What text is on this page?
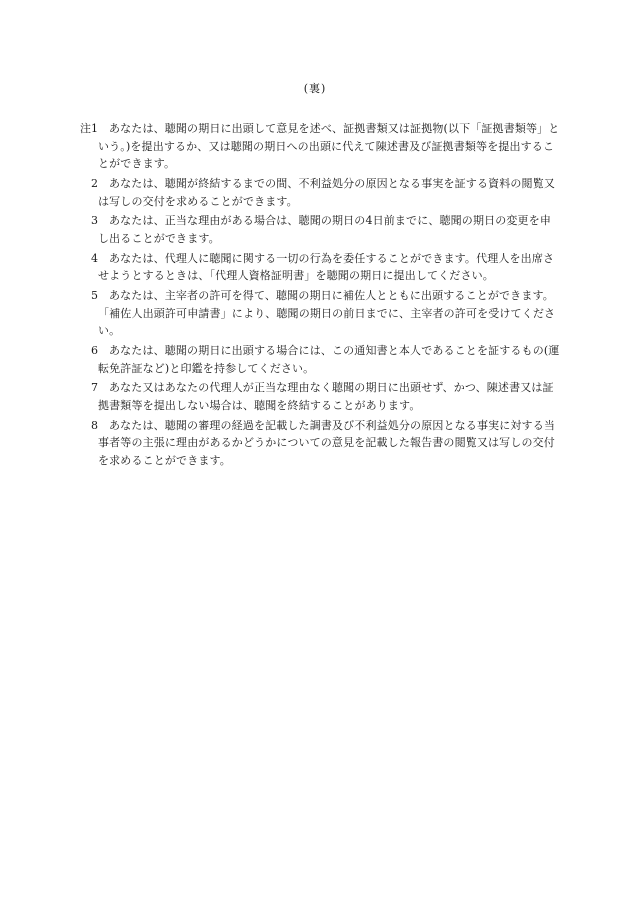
(裏)
注1	あなたは、聴聞の期日に出頭して意見を述べ、証拠書類又は証拠物(以下「証拠書類等」という。)を提出するか、又は聴聞の期日への出頭に代えて陳述書及び証拠書類等を提出することができます。
2	あなたは、聴聞が終結するまでの間、不利益処分の原因となる事実を証する資料の閲覧又は写しの交付を求めることができます。
3	あなたは、正当な理由がある場合は、聴聞の期日の4日前までに、聴聞の期日の変更を申し出ることができます。
4	あなたは、代理人に聴聞に関する一切の行為を委任することができます。代理人を出席させようとするときは、「代理人資格証明書」を聴聞の期日に提出してください。
5	あなたは、主宰者の許可を得て、聴聞の期日に補佐人とともに出頭することができます。「補佐人出頭許可申請書」により、聴聞の期日の前日までに、主宰者の許可を受けてください。
6	あなたは、聴聞の期日に出頭する場合には、この通知書と本人であることを証するもの(運転免許証など)と印鑑を持参してください。
7	あなた又はあなたの代理人が正当な理由なく聴聞の期日に出頭せず、かつ、陳述書又は証拠書類等を提出しない場合は、聴聞を終結することがあります。
8	あなたは、聴聞の審理の経過を記載した調書及び不利益処分の原因となる事実に対する当事者等の主張に理由があるかどうかについての意見を記載した報告書の閲覧又は写しの交付を求めることができます。
